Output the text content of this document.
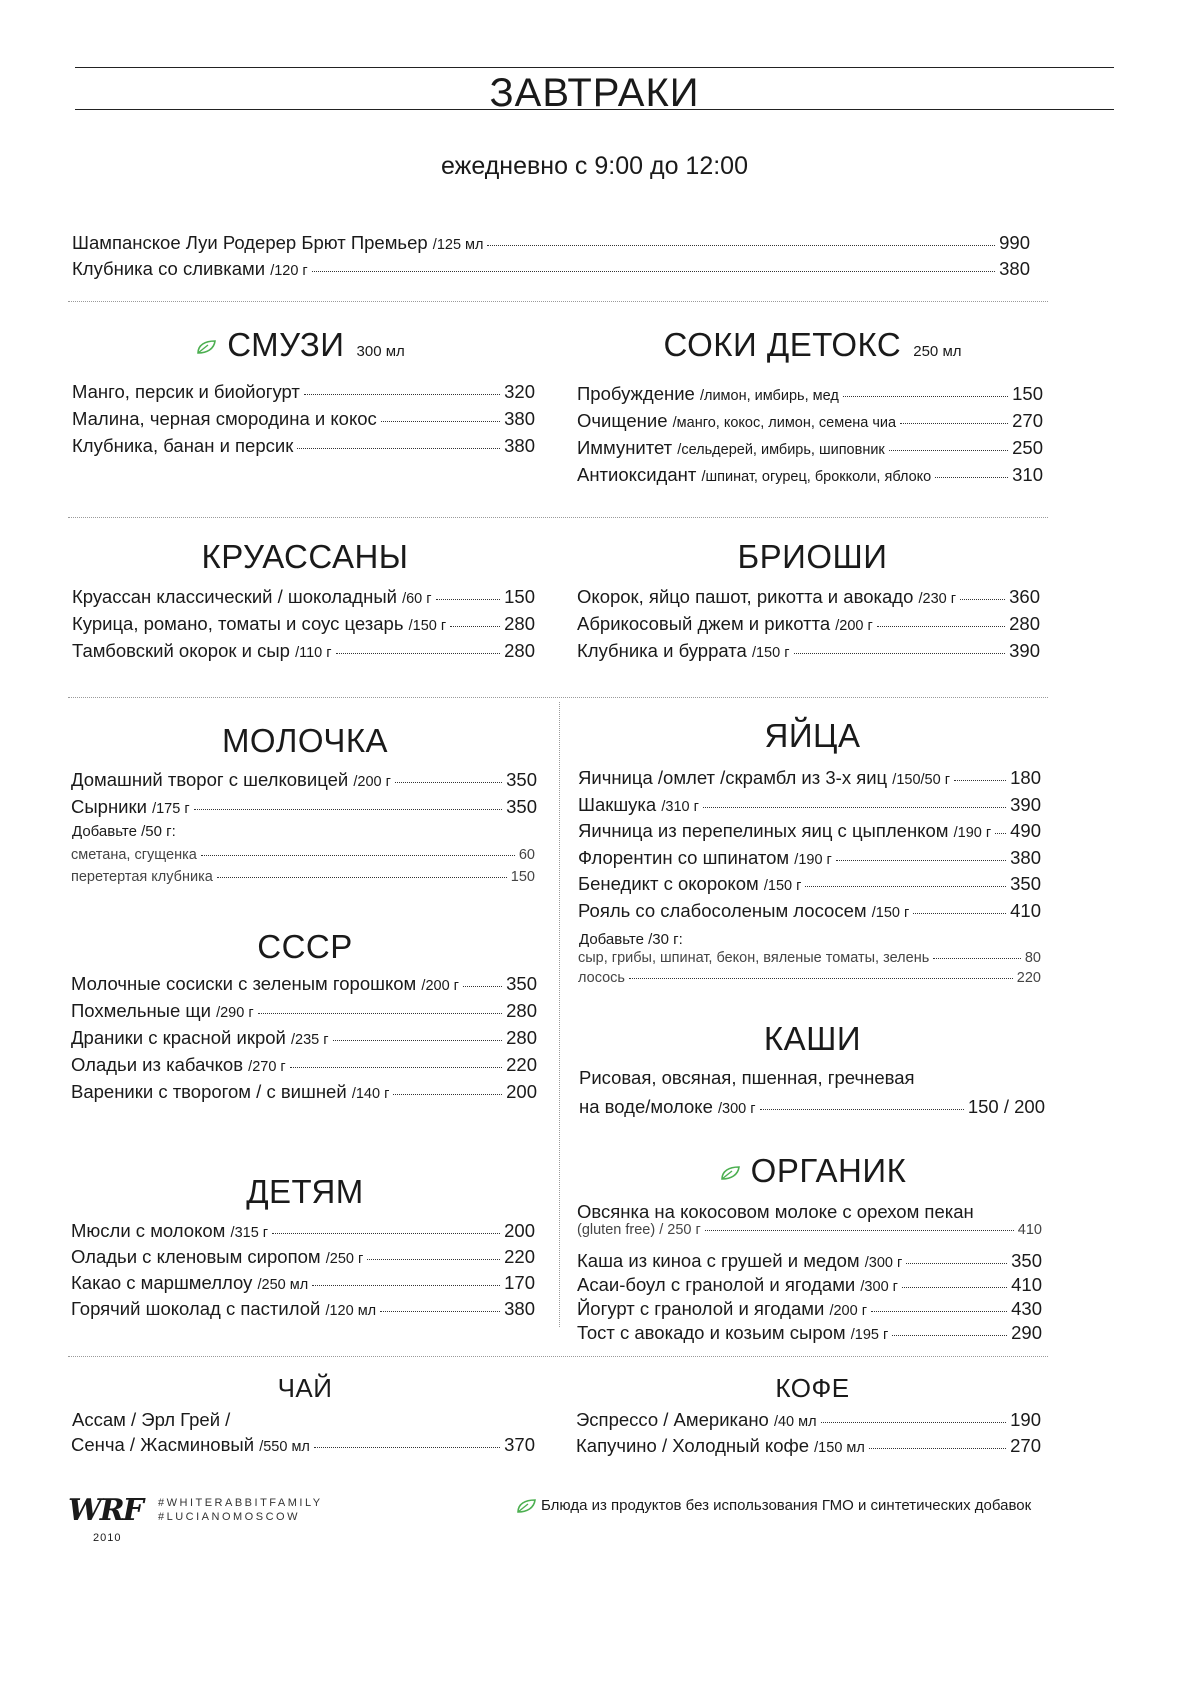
ЗАВТРАКИ
ежедневно с 9:00 до 12:00
Шампанское Луи Родерер Брют Премьер /125 мл	990
Клубника со сливками /120 г	380
СМУЗИ 300 мл	СОКИ ДЕТОКС 250 мл
Манго, персик и биойогурт	320
Малина, черная смородина и кокос	380
Клубника, банан и персик	380
Пробуждение /лимон, имбирь, мед	150
Очищение /манго, кокос, лимон, семена чиа	270
Иммунитет /сельдерей, имбирь, шиповник	250
Антиоксидант /шпинат, огурец, брокколи, яблоко	310
КРУАССАНЫ	БРИОШИ
Круассан классический / шоколадный /60 г	150
Курица, романо, томаты и соус цезарь /150 г	280
Тамбовский окорок и сыр /110 г	280
Окорок, яйцо пашот, рикотта и авокадо /230 г	360
Абрикосовый джем и рикотта /200 г	280
Клубника и буррата /150 г	390
МОЛОЧКА	ЯЙЦА
Домашний творог с шелковицей /200 г	350
Сырники /175 г	350
Добавьте /50 г:
сметана, сгущенка	60
перетертая клубника	150
Яичница /омлет /скрамбл из 3-х яиц /150/50 г	180
Шакшука /310 г	390
Яичница из перепелиных яиц с цыпленком /190 г 490
Флорентин со шпинатом /190 г	380
Бенедикт с окороком /150 г	350
Рояль со слабосоленым лососем /150 г	410
Добавьте /30 г:
сыр, грибы, шпинат, бекон, вяленые томаты, зелень	80
лосось	220
СССР
Молочные сосиски с зеленым горошком /200 г	350
Похмельные щи /290 г	280
Драники с красной икрой /235 г	280
Оладьи из кабачков /270 г	220
Вареники с творогом / с вишней /140 г	200
КАШИ
Рисовая, овсяная, пшенная, гречневая
на воде/молоке /300 г	150 / 200
ДЕТЯМ
Мюсли с молоком /315 г	200
Оладьи с кленовым сиропом /250 г	220
Какао с маршмеллоу /250 мл	170
Горячий шоколад с пастилой /120 мл	380
ОРГАНИК
Овсянка на кокосовом молоке с орехом пекан
(gluten free) / 250 г	410
Каша из киноа с грушей и медом /300 г	350
Асаи-боул с гранолой и ягодами /300 г	410
Йогурт с гранолой и ягодами /200 г	430
Тост с авокадо и козьим сыром /195 г	290
ЧАЙ	КОФЕ
Ассам / Эрл Грей /
Сенча / Жасминовый /550 мл	370
Эспрессо / Американо /40 мл	190
Капучино / Холодный кофе /150 мл	270
WRF
2010
#WHITERABBITFAMILY
#LUCIANOMOSCOW
Блюда из продуктов без использования ГМО и синтетических добавок
